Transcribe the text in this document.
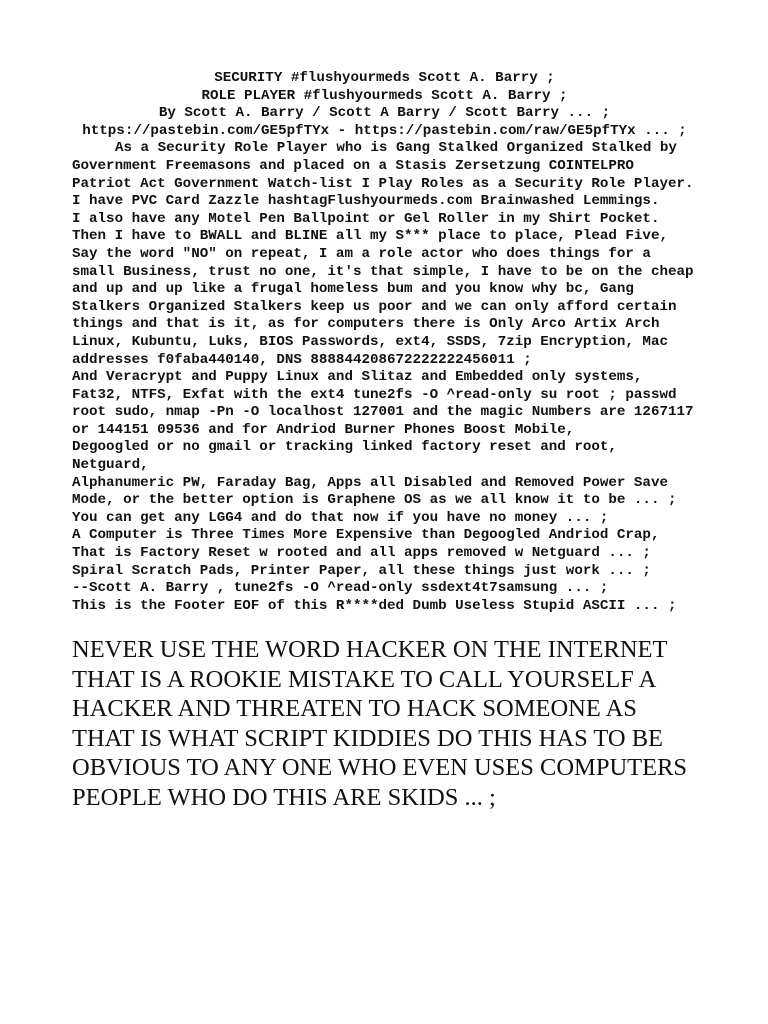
SECURITY #flushyourmeds Scott A. Barry ;

ROLE PLAYER #flushyourmeds Scott A. Barry ;

By Scott A. Barry / Scott A Barry / Scott Barry ... ;

https://pastebin.com/GE5pfTYx - https://pastebin.com/raw/GE5pfTYx ... ;

As a Security Role Player who is Gang Stalked Organized Stalked by Government Freemasons and placed on a Stasis Zersetzung COINTELPRO Patriot Act Government Watch-list I Play Roles as a Security Role Player.

I have PVC Card Zazzle hashtagFlushyourmeds.com Brainwashed Lemmings.

I also have any Motel Pen Ballpoint or Gel Roller in my Shirt Pocket.

Then I have to BWALL and BLINE all my S*** place to place, Plead Five,

Say the word "NO" on repeat, I am a role actor who does things for a small Business, trust no one, it's that simple, I have to be on the cheap and up and up like a frugal homeless bum and you know why bc, Gang Stalkers Organized Stalkers keep us poor and we can only afford certain things and that is it, as for computers there is Only Arco Artix Arch Linux, Kubuntu, Luks, BIOS Passwords, ext4, SSDS, 7zip Encryption, Mac addresses f0faba440140, DNS 888844208672222222456011 ;

And Veracrypt and Puppy Linux and Slitaz and Embedded only systems, Fat32, NTFS, Exfat with the ext4 tune2fs -O ^read-only su root ; passwd root sudo, nmap -Pn -O localhost 127001 and the magic Numbers are 1267117 or 144151 09536 and for Andriod Burner Phones Boost Mobile,

Degoogled or no gmail or tracking linked factory reset and root, Netguard,

Alphanumeric PW, Faraday Bag, Apps all Disabled and Removed Power Save

Mode, or the better option is Graphene OS as we all know it to be ... ;

You can get any LGG4 and do that now if you have no money ... ;

A Computer is Three Times More Expensive than Degoogled Andriod Crap,

That is Factory Reset w rooted and all apps removed w Netguard ... ;

Spiral Scratch Pads, Printer Paper, all these things just work ... ;

--Scott A. Barry , tune2fs -O ^read-only ssdext4t7samsung ... ;

This is the Footer EOF of this R****ded Dumb Useless Stupid ASCII ... ;

NEVER USE THE WORD HACKER ON THE INTERNET THAT IS A ROOKIE MISTAKE TO CALL YOURSELF A HACKER AND THREATEN TO HACK SOMEONE AS THAT IS WHAT SCRIPT KIDDIES DO THIS HAS TO BE OBVIOUS TO ANY ONE WHO EVEN USES COMPUTERS PEOPLE WHO DO THIS ARE SKIDS ... ;
